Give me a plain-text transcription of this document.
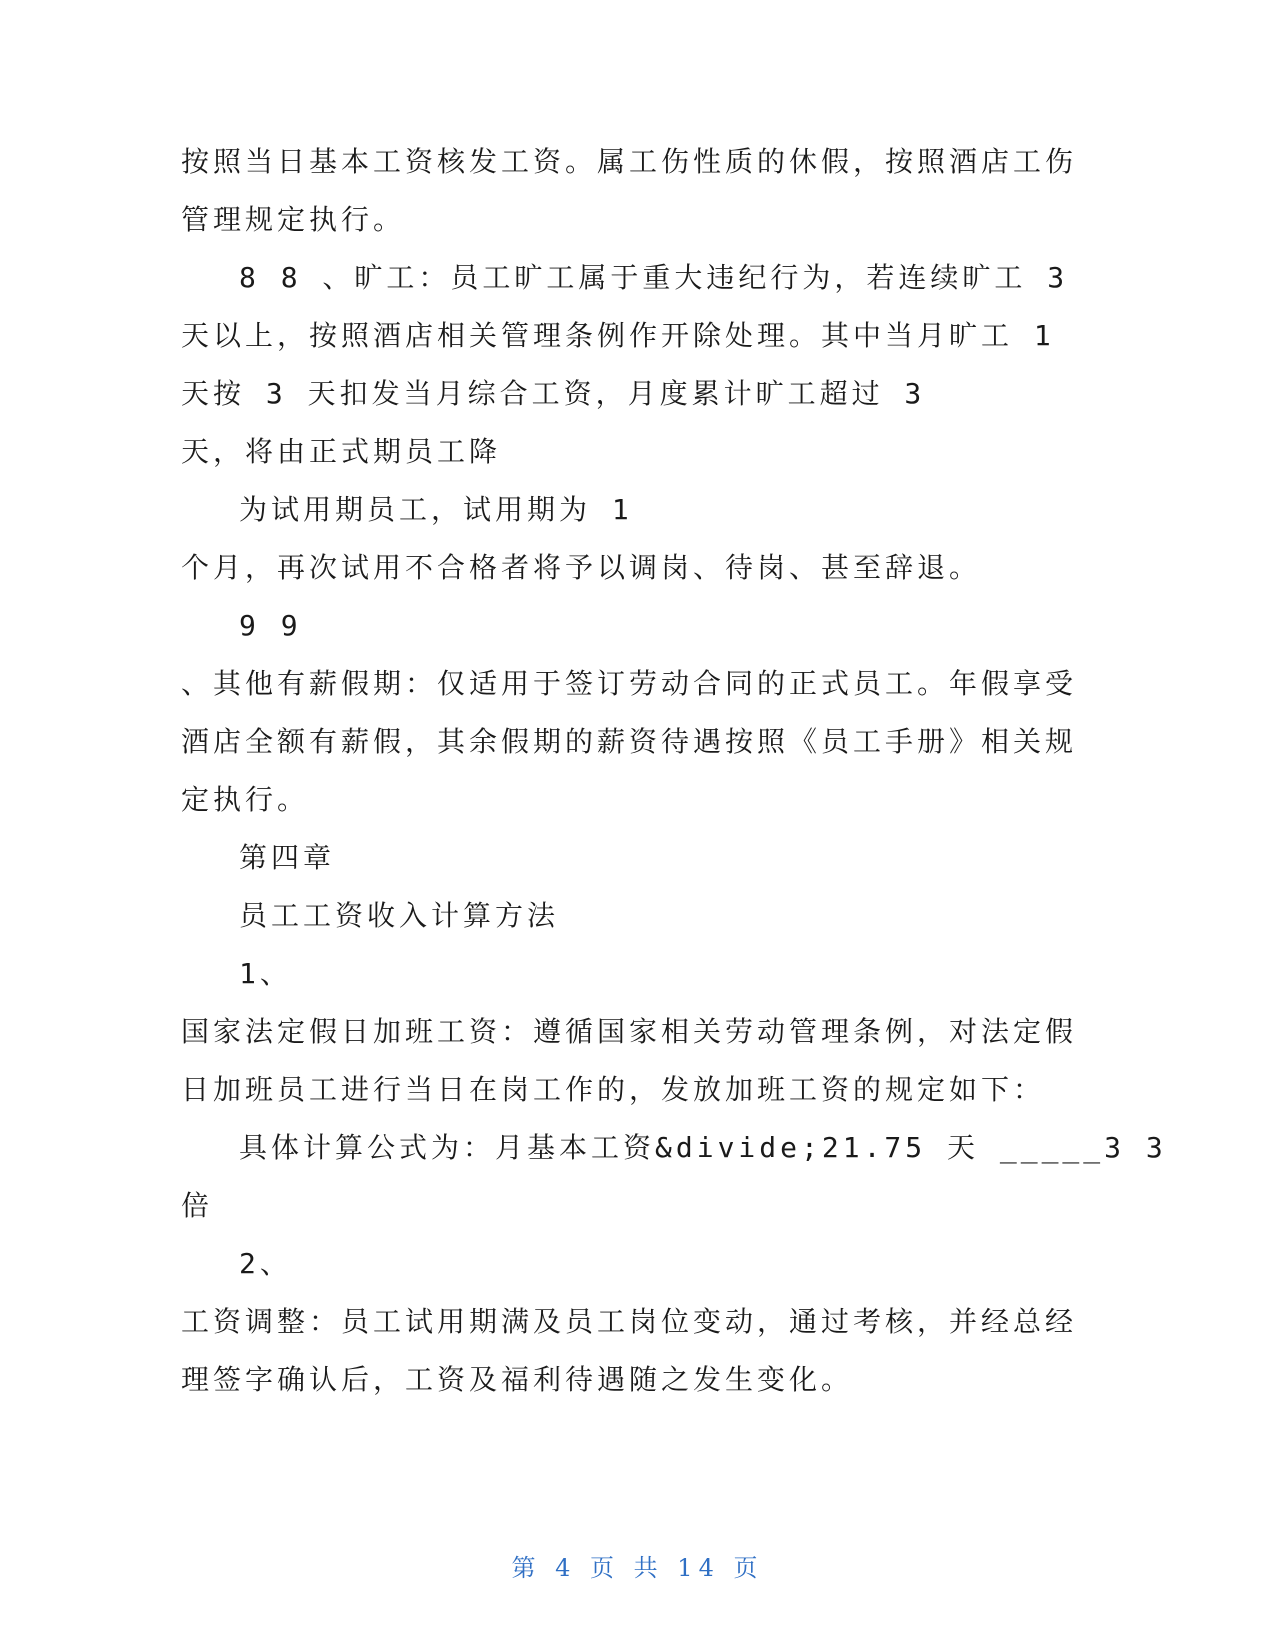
按照当日基本工资核发工资。属工伤性质的休假，按照酒店工伤
管理规定执行。
8 8 、旷工：员工旷工属于重大违纪行为，若连续旷工 3
天以上，按照酒店相关管理条例作开除处理。其中当月旷工 1
天按 3 天扣发当月综合工资，月度累计旷工超过 3
天，将由正式期员工降
为试用期员工，试用期为 1
个月，再次试用不合格者将予以调岗、待岗、甚至辞退。
9 9
、其他有薪假期：仅适用于签订劳动合同的正式员工。年假享受
酒店全额有薪假，其余假期的薪资待遇按照《员工手册》相关规
定执行。
第四章
员工工资收入计算方法
1、
国家法定假日加班工资：遵循国家相关劳动管理条例，对法定假
日加班员工进行当日在岗工作的，发放加班工资的规定如下：
具体计算公式为：月基本工资&divide;21.75 天 _____3 3
倍
2、
工资调整：员工试用期满及员工岗位变动，通过考核，并经总经
理签字确认后，工资及福利待遇随之发生变化。
第 4 页 共 14 页
